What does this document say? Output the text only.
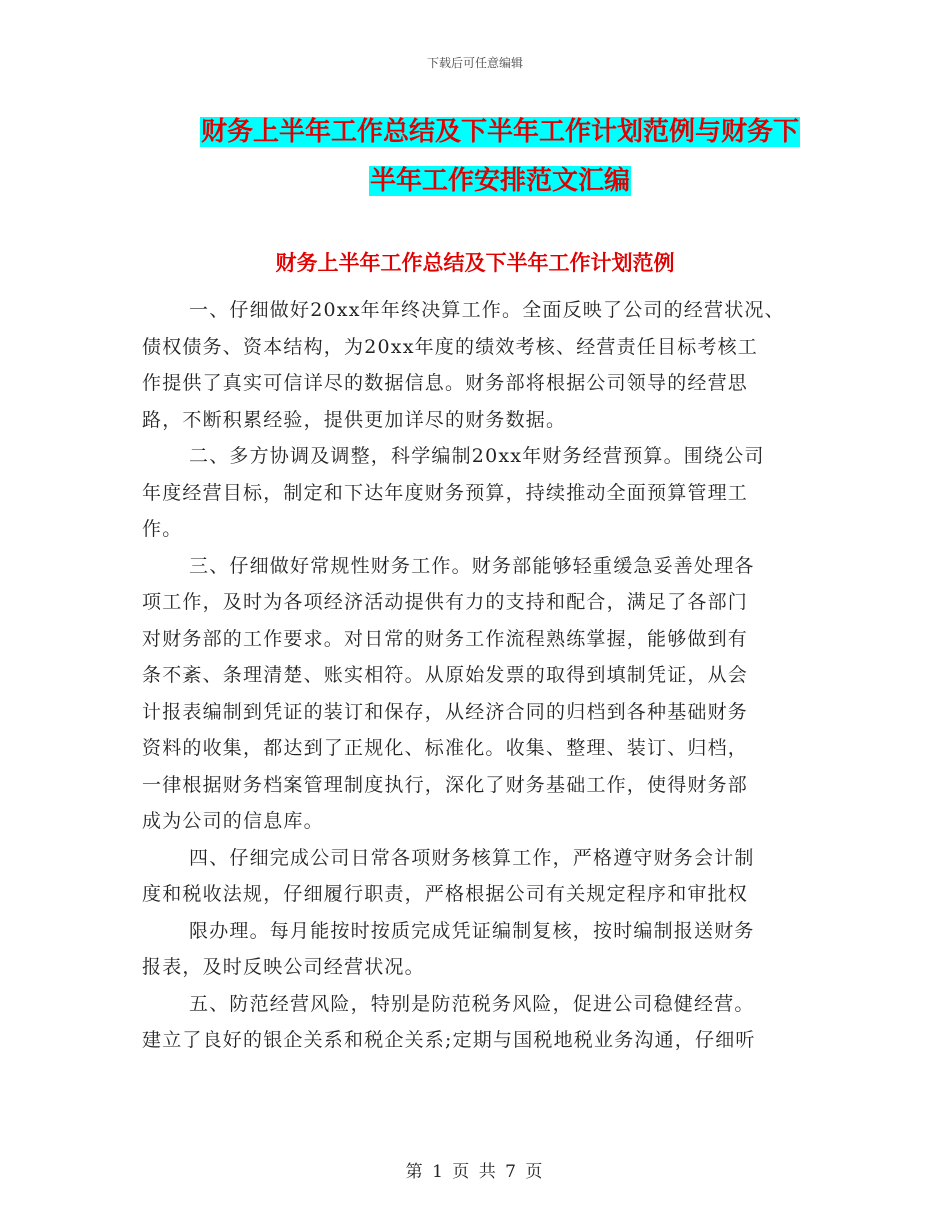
下载后可任意编辑
财务上半年工作总结及下半年工作计划范例与财务下
半年工作安排范文汇编
财务上半年工作总结及下半年工作计划范例
一、仔细做好20xx年年终决算工作。全面反映了公司的经营状况、
债权债务、资本结构，为20xx年度的绩效考核、经营责任目标考核工
作提供了真实可信详尽的数据信息。财务部将根据公司领导的经营思
路，不断积累经验，提供更加详尽的财务数据。
二、多方协调及调整，科学编制20xx年财务经营预算。围绕公司
年度经营目标，制定和下达年度财务预算，持续推动全面预算管理工
作。
三、仔细做好常规性财务工作。财务部能够轻重缓急妥善处理各
项工作，及时为各项经济活动提供有力的支持和配合，满足了各部门
对财务部的工作要求。对日常的财务工作流程熟练掌握，能够做到有
条不紊、条理清楚、账实相符。从原始发票的取得到填制凭证，从会
计报表编制到凭证的装订和保存，从经济合同的归档到各种基础财务
资料的收集，都达到了正规化、标准化。收集、整理、装订、归档，
一律根据财务档案管理制度执行，深化了财务基础工作，使得财务部
成为公司的信息库。
四、仔细完成公司日常各项财务核算工作，严格遵守财务会计制
度和税收法规，仔细履行职责，严格根据公司有关规定程序和审批权
限办理。每月能按时按质完成凭证编制复核，按时编制报送财务
报表，及时反映公司经营状况。
五、防范经营风险，特别是防范税务风险，促进公司稳健经营。
建立了良好的银企关系和税企关系;定期与国税地税业务沟通，仔细听
第 1 页 共 7 页
